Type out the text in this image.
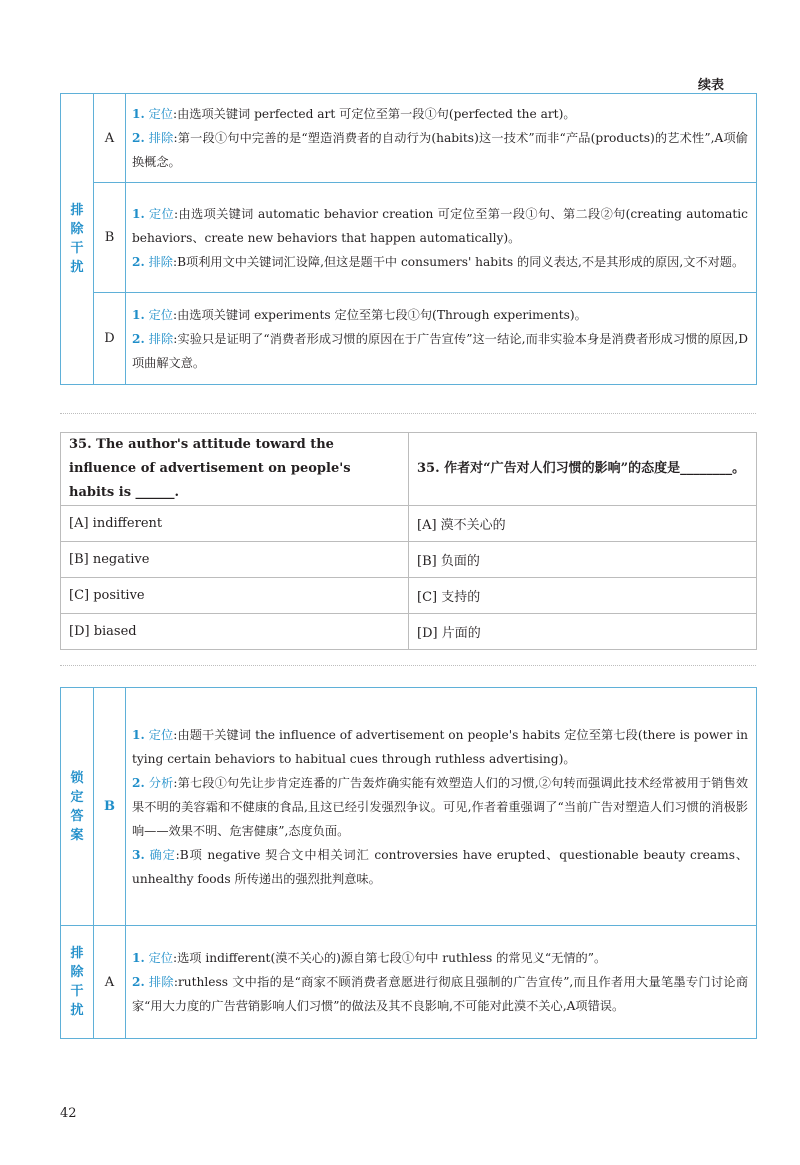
续表
排除干扰	A	1. 定位:由选项关键词 perfected art 可定位至第一段①句(perfected the art)。

2. 排除:第一段①句中完善的是“塑造消费者的自动行为(habits)这一技术”而非“产品(products)的艺术性”,A项偷换概念。

	B	1. 定位:由选项关键词 automatic behavior creation 可定位至第一段①句、第二段②句(creating automatic behaviors、create new behaviors that happen automatically)。

2. 排除:B项利用文中关键词汇设障,但这是题干中 consumers' habits 的同义表达,不是其形成的原因,文不对题。

	D	1. 定位:由选项关键词 experiments 定位至第七段①句(Through experiments)。

2. 排除:实验只是证明了“消费者形成习惯的原因在于广告宣传”这一结论,而非实验本身是消费者形成习惯的原因,D项曲解文意。

35. The author's attitude toward the influence of advertisement on people's habits is ______.	35. 作者对“广告对人们习惯的影响”的态度是________。
[A] indifferent	[A] 漠不关心的
[B] negative	[B] 负面的
[C] positive	[C] 支持的
[D] biased	[D] 片面的
锁定答案	B	1. 定位:由题干关键词 the influence of advertisement on people's habits 定位至第七段(there is power in tying certain behaviors to habitual cues through ruthless advertising)。

2. 分析:第七段①句先让步肯定连番的广告轰炸确实能有效塑造人们的习惯,②句转而强调此技术经常被用于销售效果不明的美容霜和不健康的食品,且这已经引发强烈争议。可见,作者着重强调了“当前广告对塑造人们习惯的消极影响——效果不明、危害健康”,态度负面。

3. 确定:B项 negative 契合文中相关词汇 controversies have erupted、questionable beauty creams、unhealthy foods 所传递出的强烈批判意味。

排除干扰	A	1. 定位:选项 indifferent(漠不关心的)源自第七段①句中 ruthless 的常见义“无情的”。

2. 排除:ruthless 文中指的是“商家不顾消费者意愿进行彻底且强制的广告宣传”,而且作者用大量笔墨专门讨论商家“用大力度的广告营销影响人们习惯”的做法及其不良影响,不可能对此漠不关心,A项错误。

42
